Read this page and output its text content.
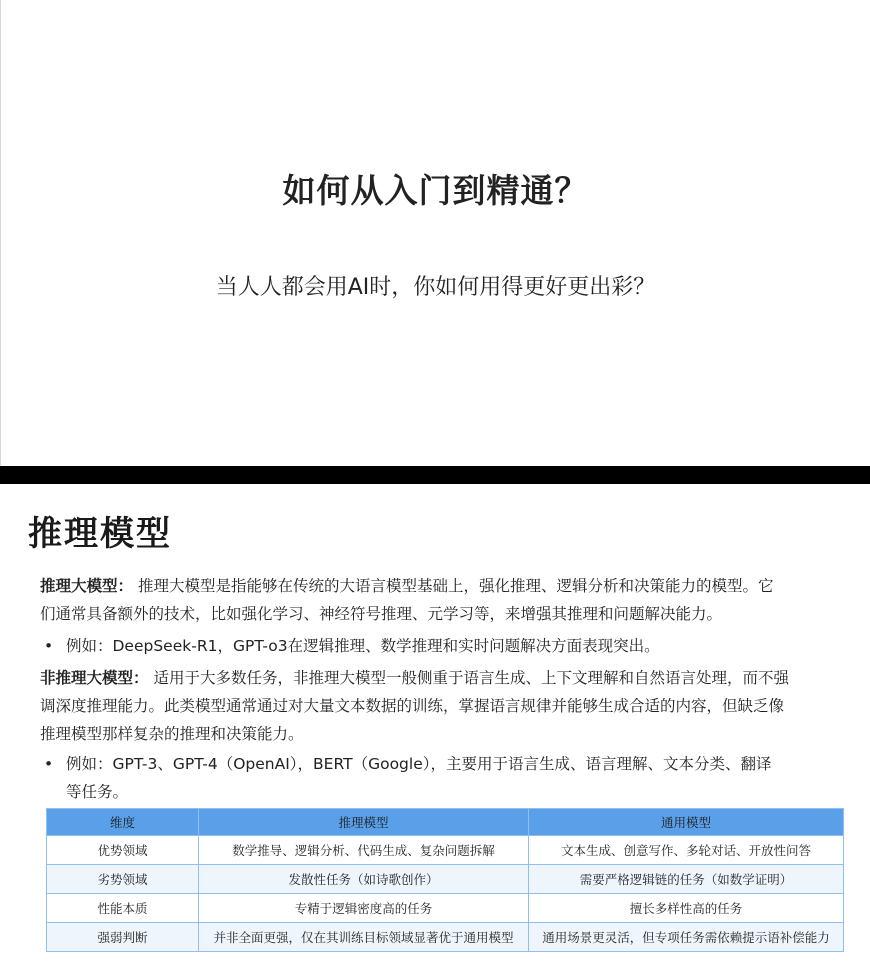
如何从入门到精通？
当人人都会用AI时，你如何用得更好更出彩？
推理模型
推理大模型： 推理大模型是指能够在传统的大语言模型基础上，强化推理、逻辑分析和决策能力的模型。它
们通常具备额外的技术，比如强化学习、神经符号推理、元学习等，来增强其推理和问题解决能力。
• 例如：DeepSeek-R1，GPT-o3在逻辑推理、数学推理和实时问题解决方面表现突出。
非推理大模型： 适用于大多数任务，非推理大模型一般侧重于语言生成、上下文理解和自然语言处理，而不强
调深度推理能力。此类模型通常通过对大量文本数据的训练，掌握语言规律并能够生成合适的内容，但缺乏像
推理模型那样复杂的推理和决策能力。
• 例如：GPT-3、GPT-4（OpenAI），BERT（Google），主要用于语言生成、语言理解、文本分类、翻译
等任务。
维度	推理模型	通用模型
优势领域	数学推导、逻辑分析、代码生成、复杂问题拆解	文本生成、创意写作、多轮对话、开放性问答
劣势领域	发散性任务（如诗歌创作）	需要严格逻辑链的任务（如数学证明）
性能本质	专精于逻辑密度高的任务	擅长多样性高的任务
强弱判断	并非全面更强，仅在其训练目标领域显著优于通用模型	通用场景更灵活，但专项任务需依赖提示语补偿能力
